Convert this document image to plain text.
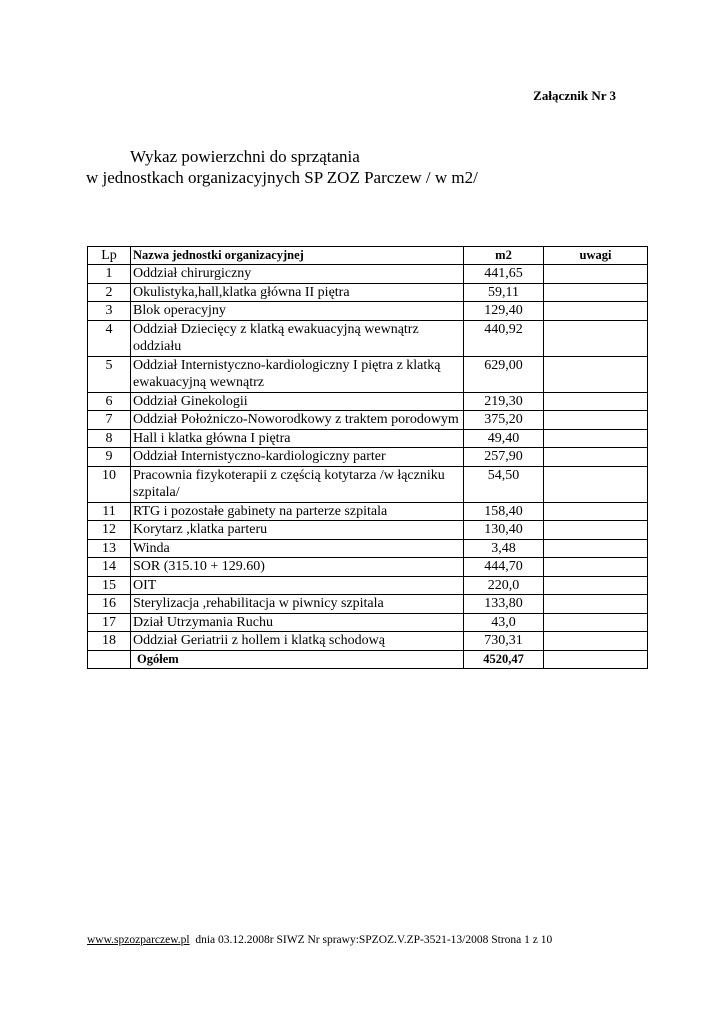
Załącznik Nr 3
Wykaz powierzchni do sprzątania
w jednostkach organizacyjnych SP ZOZ Parczew / w m2/
Lp	Nazwa jednostki organizacyjnej	m2	uwagi
1	Oddział chirurgiczny	441,65	
2	Okulistyka,hall,klatka główna II piętra	59,11	
3	Blok operacyjny	129,40	
4	Oddział Dziecięcy z klatką ewakuacyjną wewnątrz oddziału	440,92	
5	Oddział Internistyczno-kardiologiczny I piętra z klatką ewakuacyjną wewnątrz	629,00	
6	Oddział Ginekologii	219,30	
7	Oddział Położniczo-Noworodkowy z traktem porodowym	375,20	
8	Hall i klatka główna I piętra	49,40	
9	Oddział Internistyczno-kardiologiczny parter	257,90	
10	Pracownia fizykoterapii z częścią kotytarza /w łączniku szpitala/	54,50	
11	RTG i pozostałe gabinety na parterze szpitala	158,40	
12	Korytarz ,klatka parteru	130,40	
13	Winda	3,48	
14	SOR (315.10 + 129.60)	444,70	
15	OIT	220,0	
16	Sterylizacja ,rehabilitacja w piwnicy szpitala	133,80	
17	Dział Utrzymania Ruchu	43,0	
18	Oddział Geriatrii z hollem i klatką schodową	730,31	
	Ogółem	4520,47	
www.spzozparczew.pl  dnia 03.12.2008r SIWZ Nr sprawy:SPZOZ.V.ZP-3521-13/2008 Strona 1 z 10
